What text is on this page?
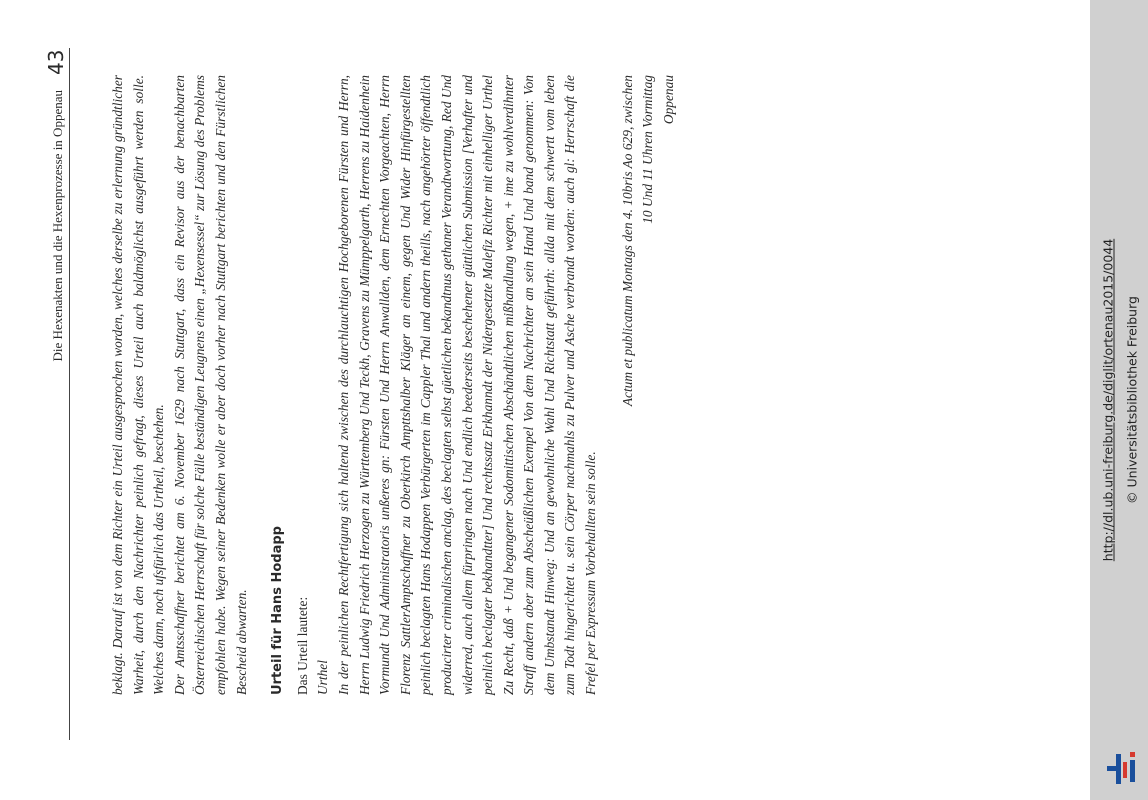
http://dl.ub.uni-freiburg.de/diglit/ortenau2015/0044 © Universitätsbibliothek Freiburg
Die Hexenakten und die Hexenprozesse in Oppenau
43

beklagt. Darauf ist von dem Richter ein Urteil ausgesprochen worden, welches derselbe zu erlernung gründtlicher Warheit, durch den Nachrichter peinlich gefragt, dieses Urteil auch baldmöglichst ausgeführt werden solle. Welches dann, noch ufsfürlich das Urtheil, beschehen. Der Amtsschaffner berichtet am 6. November 1629 nach Stuttgart, dass ein Revisor aus der benachbarten Österreichischen Herrschaft für solche Fälle beständigen Leugnens einen „Hexensessel“ zur Lösung des Problems empfohlen habe. Wegen seiner Bedenken wolle er aber doch vorher nach Stuttgart berichten und den Fürstlichen Bescheid abwarten. Urteil für Hans Hodapp Das Urteil lautete: Urthel In der peinlichen Rechtfertigung sich haltend zwischen des durchlauchtigen Hochgeborenen Fürsten und Herrn, Herrn Ludwig Friedrich Herzogen zu Württemberg Und Teckh, Gravens zu Mümppelgarth, Herrens zu Haidenhein Vormundt Und Administratoris unßeres gn: Fürsten Und Herrn Anwallden, dem Ernechten Vorgeachten, Herrn Florenz SattlerAmptschaffner zu Oberkirch Ampttshalber Kläger an einem, gegen Und Wider Hinfürgestellten peinlich beclagten Hans Hodappen Verbürgerten im Cappler Thal und andern theills, nach angehörter öffendtlich producirter criminalischen anclag, des beclagten selbst güetlichen bekandtnus gethaner Verandtworttung, Red Und widerred, auch allem fürpringen nach Und endlich beederseits beschehener güttlichen Submission [Verhafter und peinlich beclagter bekhandtter] Und rechtssatz Erkhanndt der Nidergesetzte Malefiz Richter mit einhelliger Urthel Zu Recht, daß + Und begangener Sodomittischen Abschändtlichen mißhandlung wegen, + ime zu wohlverdihnter Straff andern aber zum Abscheüßlichen Exempel Von dem Nachrichter an sein Hand Und band genommen: Von dem Umbstandt Hinweg: Und an gewohnliche Wahl Und Richtstatt geführth: allda mit dem schwertt vom leben zum Todt hingerichtet u. sein Cörper nachmahls zu Pulver und Asche verbrandt worden: auch gl: Herrschaft die Frefel per Expressum Vorbehallten sein solle.

Actum et publicatum Montags den 4. 10bris Ao 629, zwischen 10 Und 11 Uhren Vormittag Oppenau
